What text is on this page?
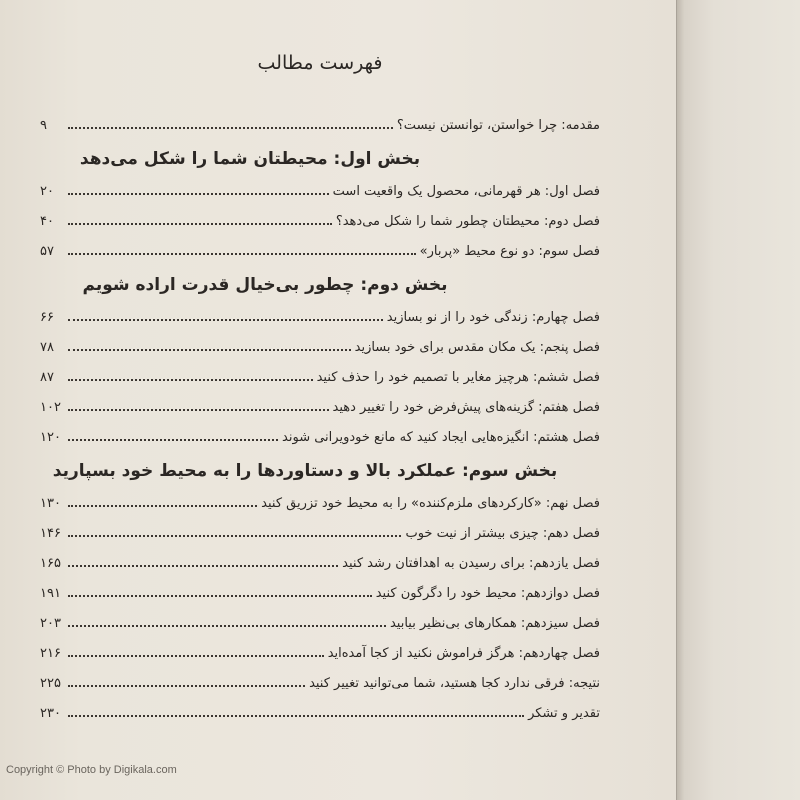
فهرست مطالب
مقدمه: چرا خواستن، توانستن نیست؟
۹
بخش اول: محیطتان شما را شکل می‌دهد
فصل اول: هر قهرمانی، محصول یک واقعیت است
۲۰
فصل دوم: محیطتان چطور شما را شکل می‌دهد؟
۴۰
فصل سوم: دو نوع محیط «پربار»
۵۷
بخش دوم: چطور بی‌خیال قدرت اراده شویم
فصل چهارم: زندگی خود را از نو بسازید
۶۶
فصل پنجم: یک مکان مقدس برای خود بسازید
۷۸
فصل ششم: هرچیز مغایر با تصمیم خود را حذف کنید
۸۷
فصل هفتم: گزینه‌های پیش‌فرض خود را تغییر دهید
۱۰۲
فصل هشتم: انگیزه‌هایی ایجاد کنید که مانع خودویرانی شوند
۱۲۰
بخش سوم: عملکرد بالا و دستاوردها را به محیط خود بسپارید
فصل نهم: «کارکردهای ملزم‌کننده» را به محیط خود تزریق کنید
۱۳۰
فصل دهم: چیزی بیشتر از نیت خوب
۱۴۶
فصل یازدهم: برای رسیدن به اهدافتان رشد کنید
۱۶۵
فصل دوازدهم: محیط خود را دگرگون کنید
۱۹۱
فصل سیزدهم: همکارهای بی‌نظیر بیابید
۲۰۳
فصل چهاردهم: هرگز فراموش نکنید از کجا آمده‌اید
۲۱۶
نتیجه: فرقی ندارد کجا هستید، شما می‌توانید تغییر کنید
۲۲۵
تقدیر و تشکر
۲۳۰
Copyright © Photo by Digikala.com
